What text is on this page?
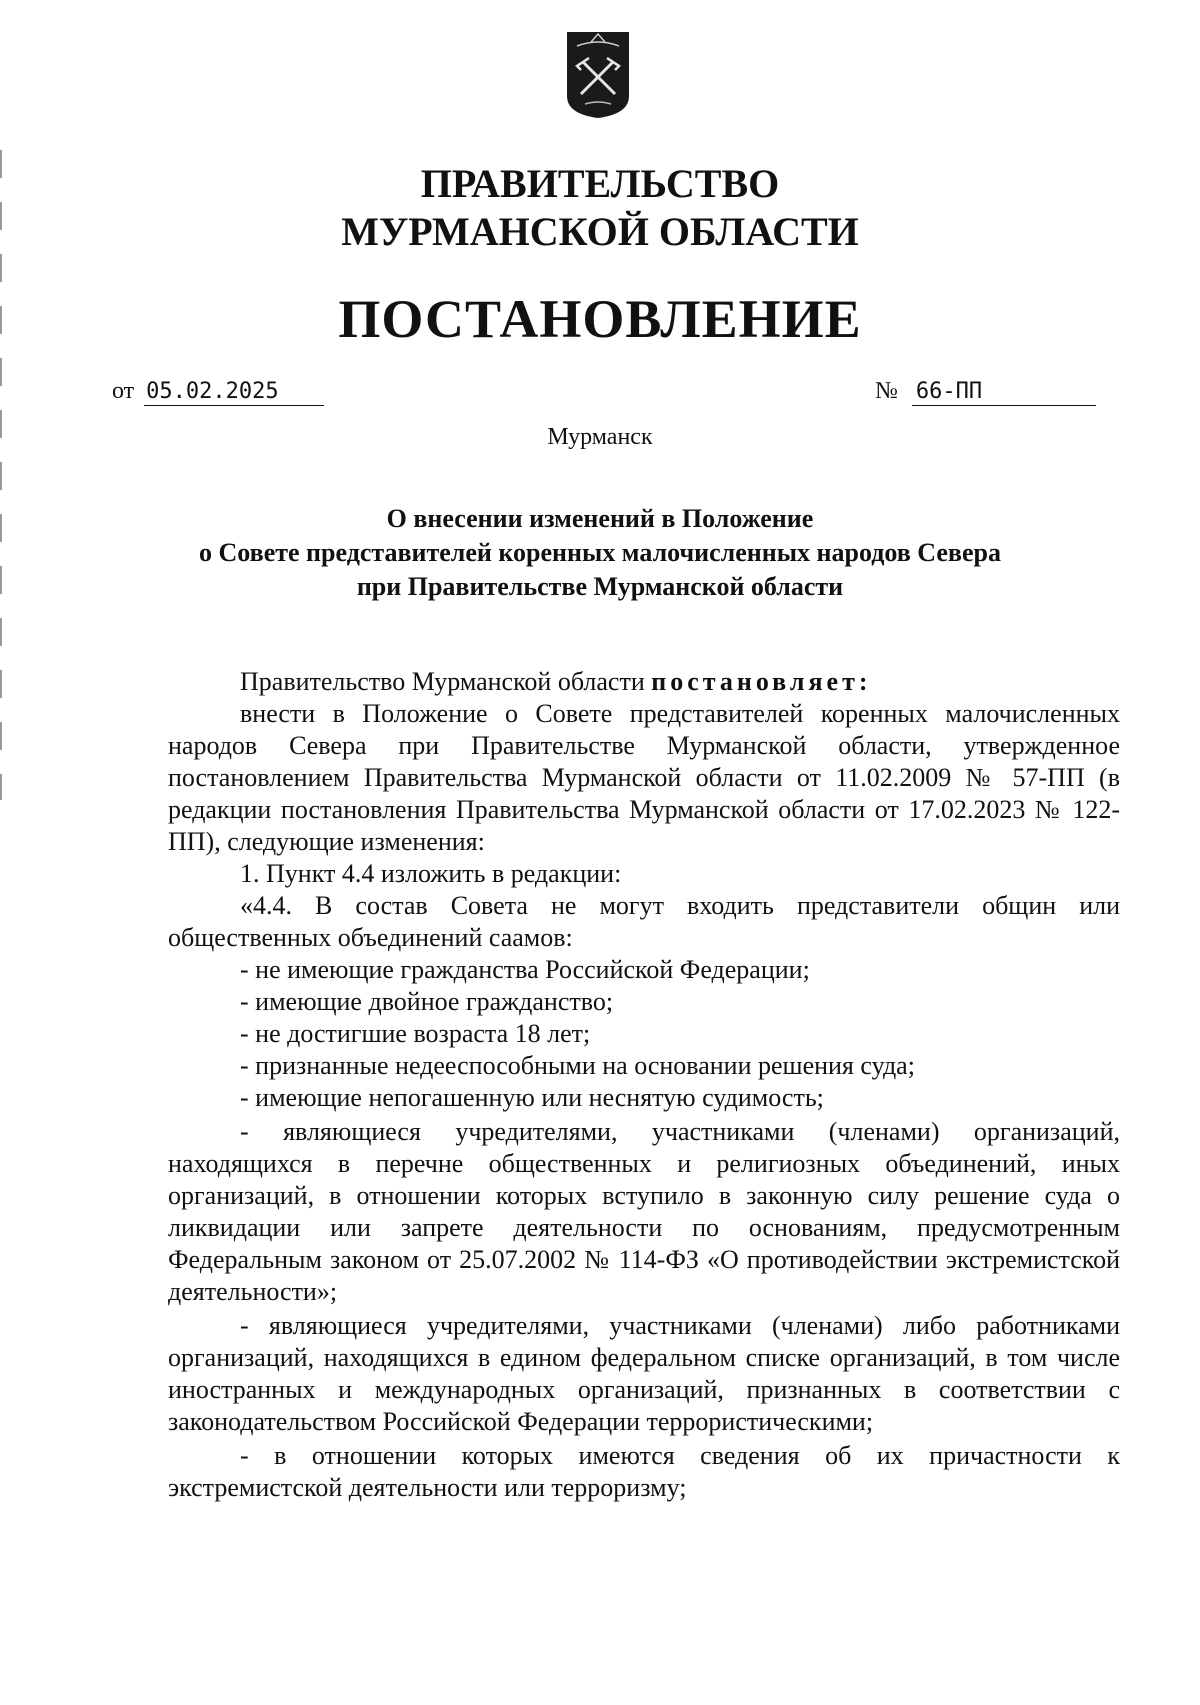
ПРАВИТЕЛЬСТВО
МУРМАНСКОЙ ОБЛАСТИ
ПОСТАНОВЛЕНИЕ
от 05.02.2025	№ 66-ПП
Мурманск
О внесении изменений в Положение
о Совете представителей коренных малочисленных народов Севера
при Правительстве Мурманской области

Правительство Мурманской области постановляет:

внести в Положение о Совете представителей коренных малочисленных народов Севера при Правительстве Мурманской области, утвержденное постановлением Правительства Мурманской области от 11.02.2009 № 57-ПП (в редакции постановления Правительства Мурманской области от 17.02.2023 № 122-ПП), следующие изменения:

1. Пункт 4.4 изложить в редакции:

«4.4. В состав Совета не могут входить представители общин или общественных объединений саамов:

- не имеющие гражданства Российской Федерации;

- имеющие двойное гражданство;

- не достигшие возраста 18 лет;

- признанные недееспособными на основании решения суда;

- имеющие непогашенную или неснятую судимость;

- являющиеся учредителями, участниками (членами) организаций, находящихся в перечне общественных и религиозных объединений, иных организаций, в отношении которых вступило в законную силу решение суда о ликвидации или запрете деятельности по основаниям, предусмотренным Федеральным законом от 25.07.2002 № 114-ФЗ «О противодействии экстремистской деятельности»;

- являющиеся учредителями, участниками (членами) либо работниками организаций, находящихся в едином федеральном списке организаций, в том числе иностранных и международных организаций, признанных в соответствии с законодательством Российской Федерации террористическими;

- в отношении которых имеются сведения об их причастности к экстремистской деятельности или терроризму;
